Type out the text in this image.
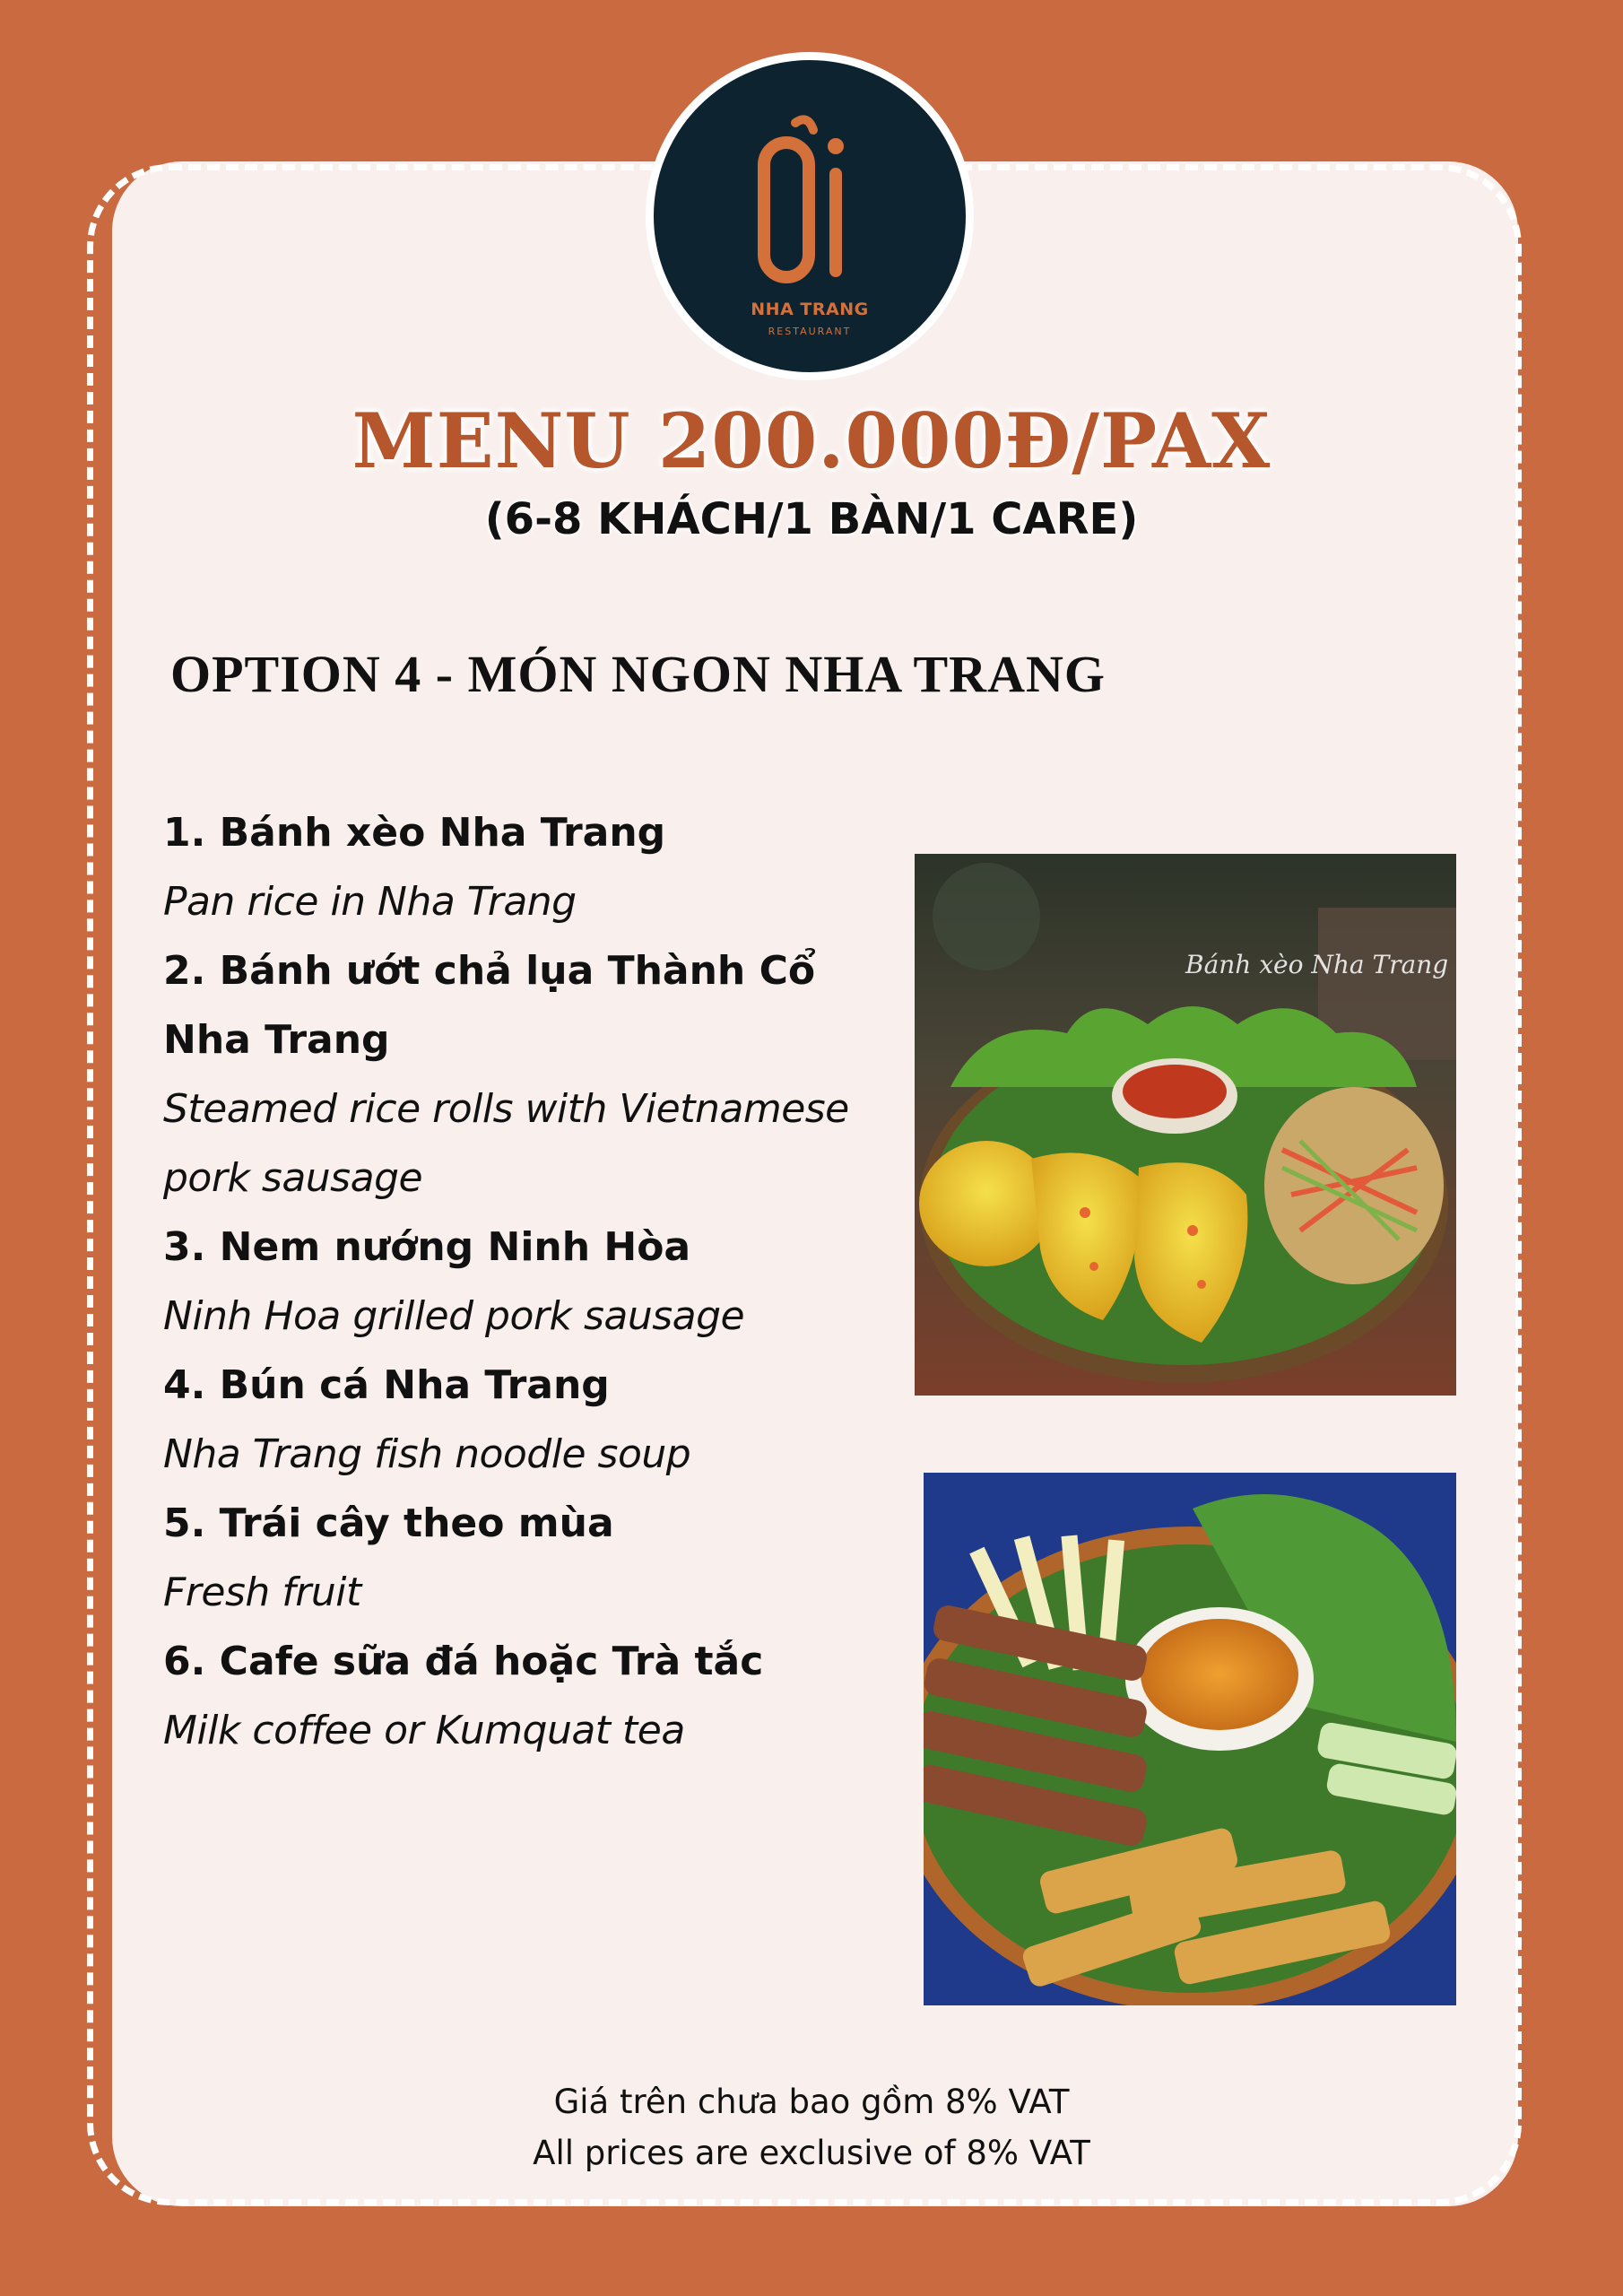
NHA TRANG
RESTAURANT
MENU 200.000Đ/PAX
(6-8 KHÁCH/1 BÀN/1 CARE)
OPTION 4 - MÓN NGON NHA TRANG
1. Bánh xèo Nha Trang
Pan rice in Nha Trang
2. Bánh ướt chả lụa Thành Cổ Nha Trang
Steamed rice rolls with Vietnamese pork sausage
3. Nem nướng Ninh Hòa
Ninh Hoa grilled pork sausage
4. Bún cá Nha Trang
Nha Trang fish noodle soup
5. Trái cây theo mùa
Fresh fruit
6. Cafe sữa đá hoặc Trà tắc
Milk coffee or Kumquat tea
Bánh xèo Nha Trang
Giá trên chưa bao gồm 8% VAT
All prices are exclusive of 8% VAT
